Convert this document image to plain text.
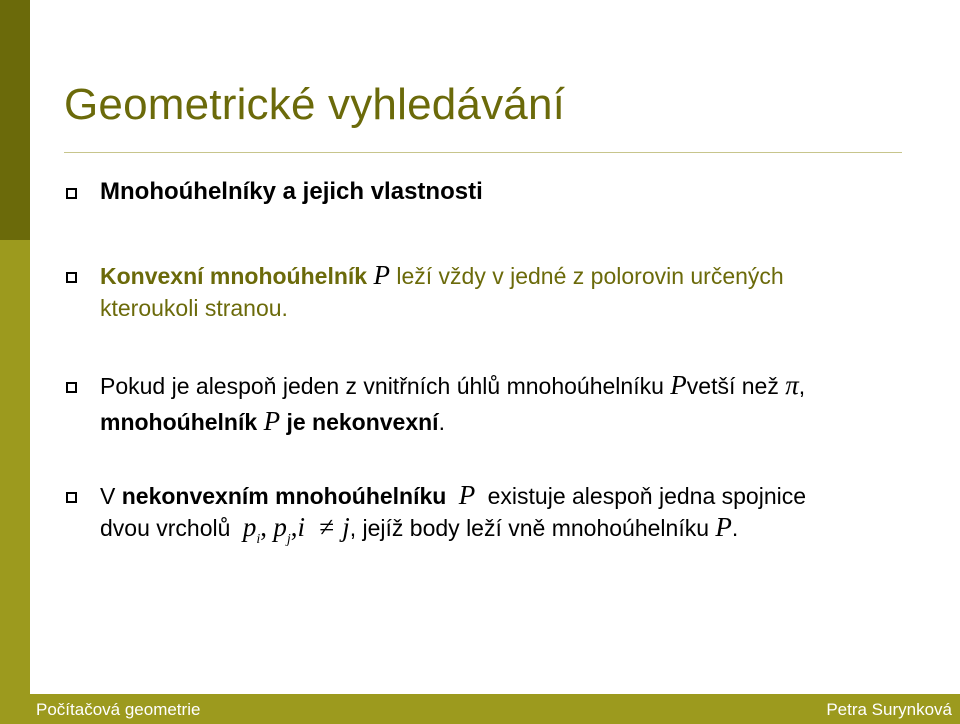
Geometrické vyhledávání
Mnohoúhelníky a jejich vlastnosti
Konvexní mnohoúhelník P leží vždy v jedné z polorovin určených
kteroukoli stranou.
Pokud je alespoň jeden z vnitřních úhlů mnohoúhelníku Pvetší než π,
mnohoúhelník P je nekonvexní.
V nekonvexním mnohoúhelníku P existuje alespoň jedna spojnice
dvou vrcholů $p_i$, $p_j,i \ne j$, jejíž body leží vně mnohoúhelníku P.
Počítačová geometrie	Petra Surynková
